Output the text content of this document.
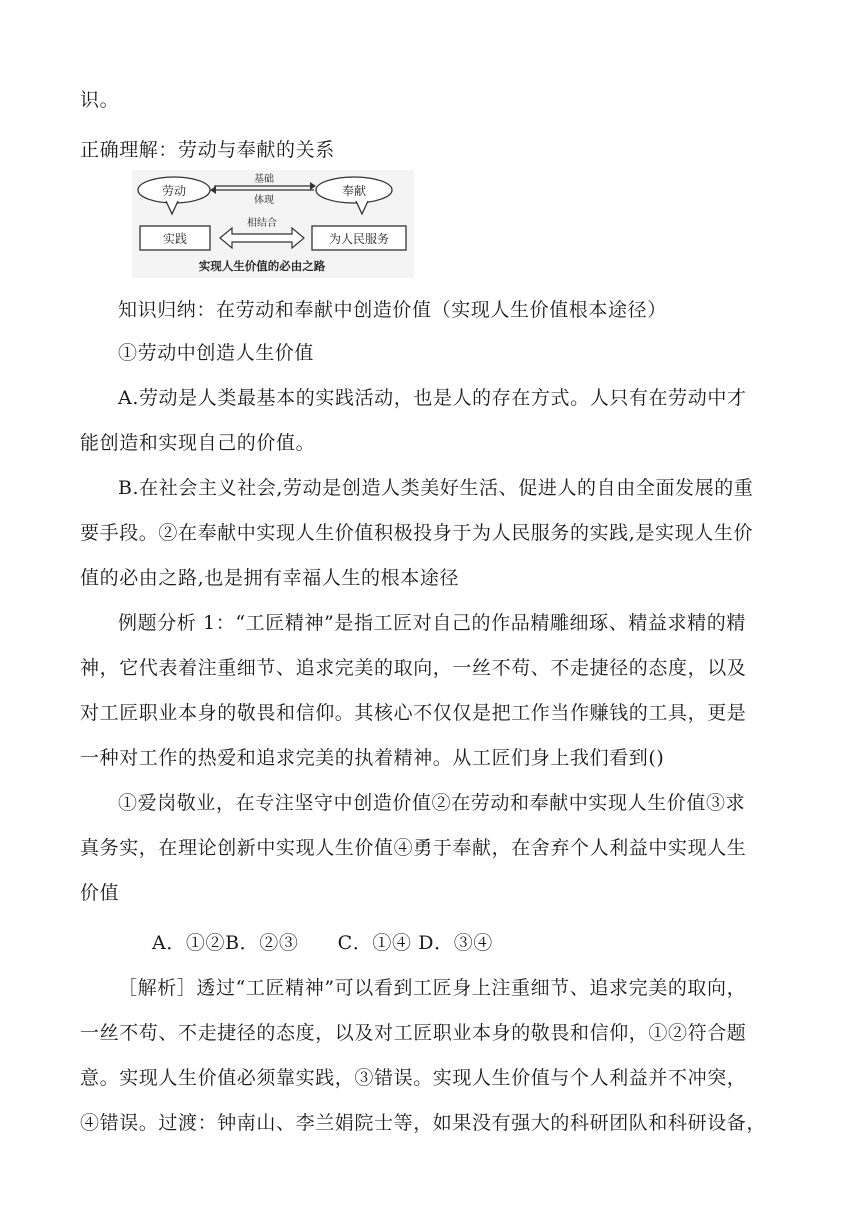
识。
正确理解：劳动与奉献的关系
劳动	奉献
基础
体现
实践	为人民服务
相结合
实现人生价值的必由之路
知识归纳：在劳动和奉献中创造价值（实现人生价值根本途径）
①劳动中创造人生价值
A.劳动是人类最基本的实践活动，也是人的存在方式。人只有在劳动中才
能创造和实现自己的价值。
B.在社会主义社会,劳动是创造人类美好生活、促进人的自由全面发展的重
要手段。②在奉献中实现人生价值积极投身于为人民服务的实践,是实现人生价
值的必由之路,也是拥有幸福人生的根本途径
例题分析 1：“工匠精神”是指工匠对自己的作品精雕细琢、精益求精的精
神，它代表着注重细节、追求完美的取向，一丝不苟、不走捷径的态度，以及
对工匠职业本身的敬畏和信仰。其核心不仅仅是把工作当作赚钱的工具，更是
一种对工作的热爱和追求完美的执着精神。从工匠们身上我们看到()
①爱岗敬业，在专注坚守中创造价值②在劳动和奉献中实现人生价值③求
真务实，在理论创新中实现人生价值④勇于奉献，在舍弃个人利益中实现人生
价值
A．①②B．②③　　C．①④ D．③④
［解析］透过“工匠精神”可以看到工匠身上注重细节、追求完美的取向，
一丝不苟、不走捷径的态度，以及对工匠职业本身的敬畏和信仰，①②符合题
意。实现人生价值必须靠实践，③错误。实现人生价值与个人利益并不冲突，
④错误。过渡：钟南山、李兰娟院士等，如果没有强大的科研团队和科研设备，
